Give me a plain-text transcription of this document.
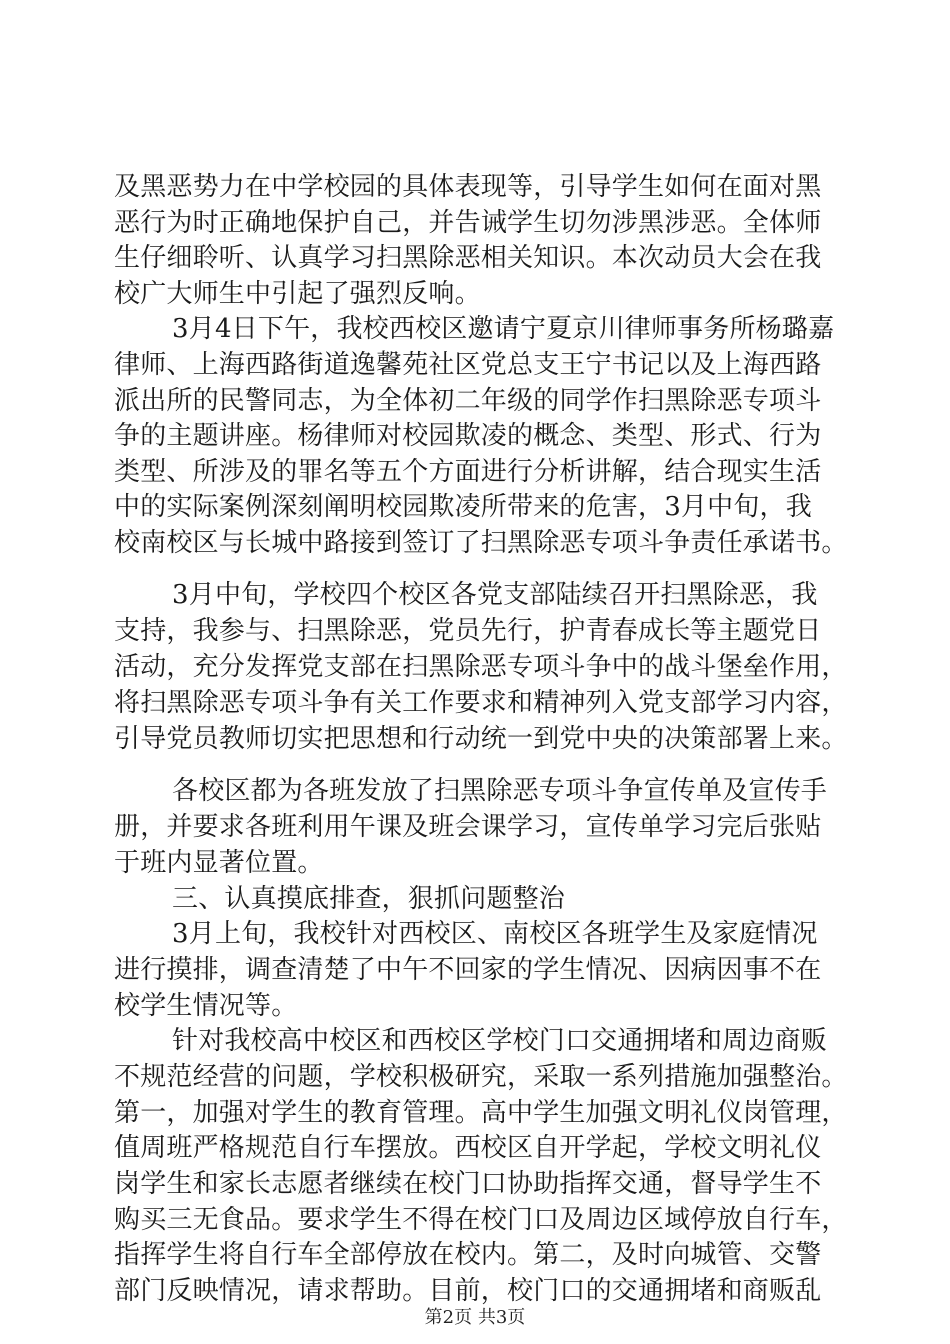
及黑恶势力在中学校园的具体表现等，引导学生如何在面对黑
恶行为时正确地保护自己，并告诫学生切勿涉黑涉恶。全体师
生仔细聆听、认真学习扫黑除恶相关知识。本次动员大会在我
校广大师生中引起了强烈反响。
3月4日下午，我校西校区邀请宁夏京川律师事务所杨璐嘉
律师、上海西路街道逸馨苑社区党总支王宁书记以及上海西路
派出所的民警同志，为全体初二年级的同学作扫黑除恶专项斗
争的主题讲座。杨律师对校园欺凌的概念、类型、形式、行为
类型、所涉及的罪名等五个方面进行分析讲解，结合现实生活
中的实际案例深刻阐明校园欺凌所带来的危害，3月中旬，我
校南校区与长城中路接到签订了扫黑除恶专项斗争责任承诺书。
3月中旬，学校四个校区各党支部陆续召开扫黑除恶，我
支持，我参与、扫黑除恶，党员先行，护青春成长等主题党日
活动，充分发挥党支部在扫黑除恶专项斗争中的战斗堡垒作用，
将扫黑除恶专项斗争有关工作要求和精神列入党支部学习内容，
引导党员教师切实把思想和行动统一到党中央的决策部署上来。
各校区都为各班发放了扫黑除恶专项斗争宣传单及宣传手
册，并要求各班利用午课及班会课学习，宣传单学习完后张贴
于班内显著位置。
三、认真摸底排查，狠抓问题整治
3月上旬，我校针对西校区、南校区各班学生及家庭情况
进行摸排，调查清楚了中午不回家的学生情况、因病因事不在
校学生情况等。
针对我校高中校区和西校区学校门口交通拥堵和周边商贩
不规范经营的问题，学校积极研究，采取一系列措施加强整治。
第一，加强对学生的教育管理。高中学生加强文明礼仪岗管理，
值周班严格规范自行车摆放。西校区自开学起，学校文明礼仪
岗学生和家长志愿者继续在校门口协助指挥交通，督导学生不
购买三无食品。要求学生不得在校门口及周边区域停放自行车，
指挥学生将自行车全部停放在校内。第二，及时向城管、交警
部门反映情况，请求帮助。目前，校门口的交通拥堵和商贩乱
第2页 共3页
